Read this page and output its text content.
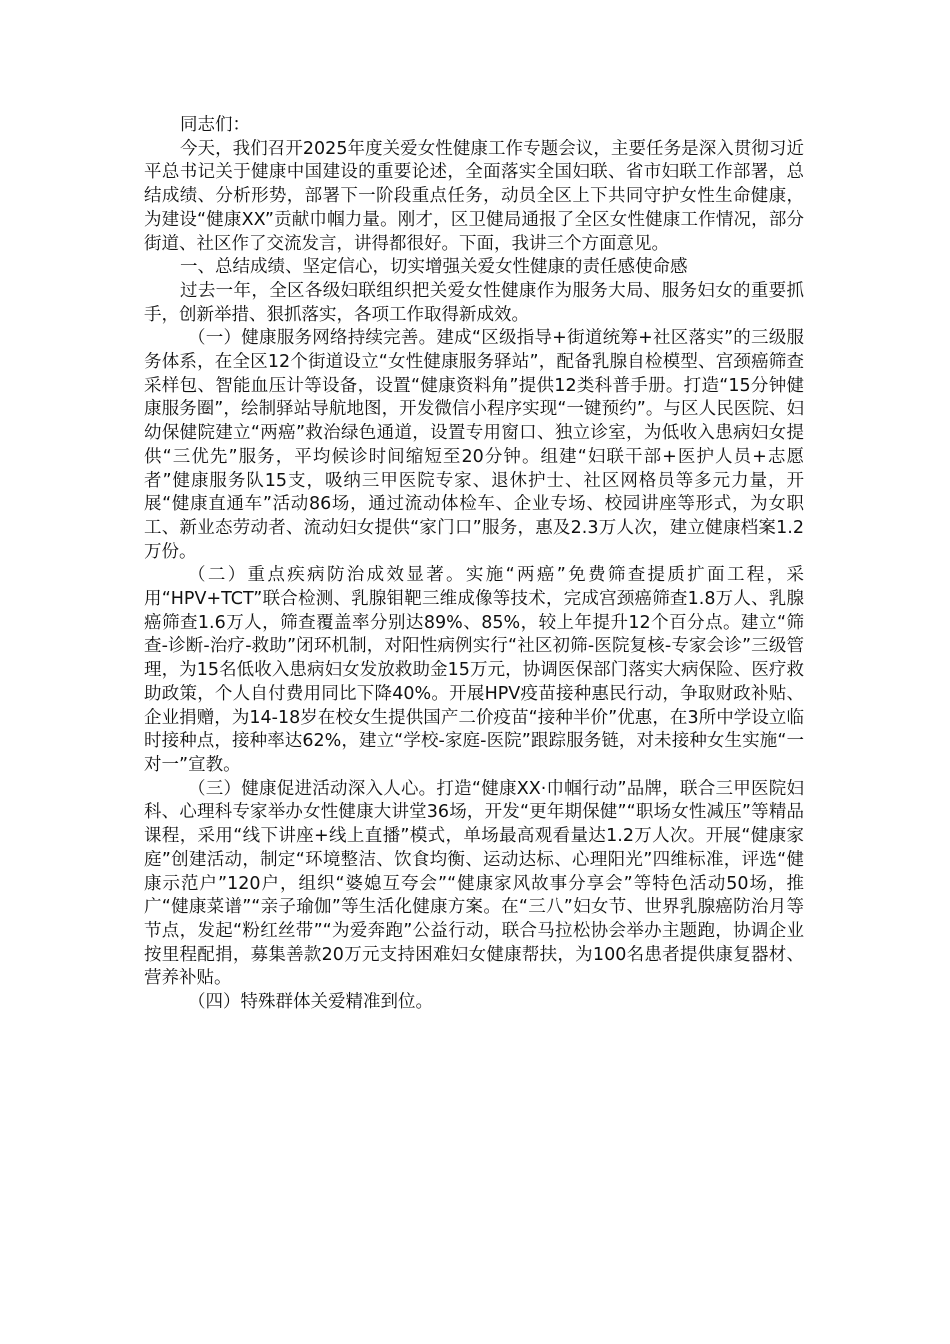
同志们：

今天，我们召开2025年度关爱女性健康工作专题会议，主要任务是深入贯彻习近平总书记关于健康中国建设的重要论述，全面落实全国妇联、省市妇联工作部署，总结成绩、分析形势，部署下一阶段重点任务，动员全区上下共同守护女性生命健康，为建设“健康XX”贡献巾帼力量。刚才，区卫健局通报了全区女性健康工作情况，部分街道、社区作了交流发言，讲得都很好。下面，我讲三个方面意见。

一、总结成绩、坚定信心，切实增强关爱女性健康的责任感使命感

过去一年，全区各级妇联组织把关爱女性健康作为服务大局、服务妇女的重要抓手，创新举措、狠抓落实，各项工作取得新成效。

（一）健康服务网络持续完善。建成“区级指导+街道统筹+社区落实”的三级服务体系，在全区12个街道设立“女性健康服务驿站”，配备乳腺自检模型、宫颈癌筛查采样包、智能血压计等设备，设置“健康资料角”提供12类科普手册。打造“15分钟健康服务圈”，绘制驿站导航地图，开发微信小程序实现“一键预约”。与区人民医院、妇幼保健院建立“两癌”救治绿色通道，设置专用窗口、独立诊室，为低收入患病妇女提供“三优先”服务，平均候诊时间缩短至20分钟。组建“妇联干部+医护人员+志愿者”健康服务队15支，吸纳三甲医院专家、退休护士、社区网格员等多元力量，开展“健康直通车”活动86场，通过流动体检车、企业专场、校园讲座等形式，为女职工、新业态劳动者、流动妇女提供“家门口”服务，惠及2.3万人次，建立健康档案1.2万份。

（二）重点疾病防治成效显著。实施“两癌”免费筛查提质扩面工程，采用“HPV+TCT”联合检测、乳腺钼靶三维成像等技术，完成宫颈癌筛查1.8万人、乳腺癌筛查1.6万人，筛查覆盖率分别达89%、85%，较上年提升12个百分点。建立“筛查-诊断-治疗-救助”闭环机制，对阳性病例实行“社区初筛-医院复核-专家会诊”三级管理，为15名低收入患病妇女发放救助金15万元，协调医保部门落实大病保险、医疗救助政策，个人自付费用同比下降40%。开展HPV疫苗接种惠民行动，争取财政补贴、企业捐赠，为14-18岁在校女生提供国产二价疫苗“接种半价”优惠，在3所中学设立临时接种点，接种率达62%，建立“学校-家庭-医院”跟踪服务链，对未接种女生实施“一对一”宣教。

（三）健康促进活动深入人心。打造“健康XX·巾帼行动”品牌，联合三甲医院妇科、心理科专家举办女性健康大讲堂36场，开发“更年期保健”“职场女性减压”等精品课程，采用“线下讲座+线上直播”模式，单场最高观看量达1.2万人次。开展“健康家庭”创建活动，制定“环境整洁、饮食均衡、运动达标、心理阳光”四维标准，评选“健康示范户”120户，组织“婆媳互夸会”“健康家风故事分享会”等特色活动50场，推广“健康菜谱”“亲子瑜伽”等生活化健康方案。在“三八”妇女节、世界乳腺癌防治月等节点，发起“粉红丝带”“为爱奔跑”公益行动，联合马拉松协会举办主题跑，协调企业按里程配捐，募集善款20万元支持困难妇女健康帮扶，为100名患者提供康复器材、营养补贴。

（四）特殊群体关爱精准到位。
